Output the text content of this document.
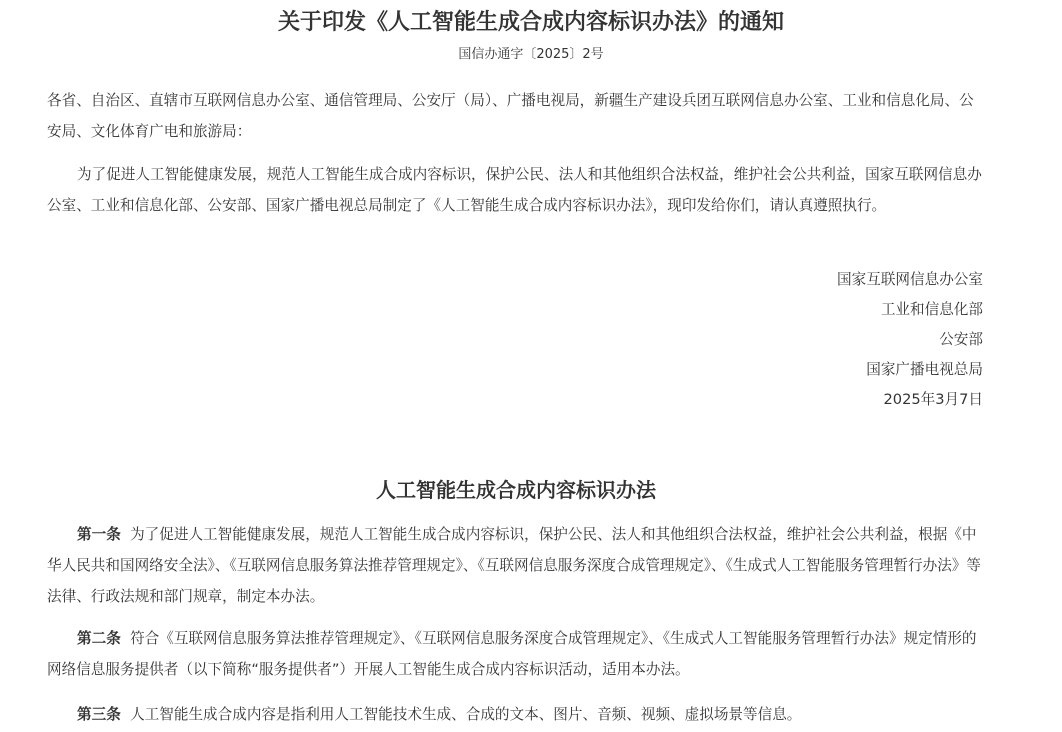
关于印发《人工智能生成合成内容标识办法》的通知
国信办通字〔2025〕2号

各省、自治区、直辖市互联网信息办公室、通信管理局、公安厅（局）、广播电视局，新疆生产建设兵团互联网信息办公室、工业和信息化局、公安局、文化体育广电和旅游局：

为了促进人工智能健康发展，规范人工智能生成合成内容标识，保护公民、法人和其他组织合法权益，维护社会公共利益，国家互联网信息办公室、工业和信息化部、公安部、国家广播电视总局制定了《人工智能生成合成内容标识办法》，现印发给你们，请认真遵照执行。

国家互联网信息办公室
工业和信息化部
公安部
国家广播电视总局
2025年3月7日
人工智能生成合成内容标识办法

第一条 为了促进人工智能健康发展，规范人工智能生成合成内容标识，保护公民、法人和其他组织合法权益，维护社会公共利益，根据《中华人民共和国网络安全法》、《互联网信息服务算法推荐管理规定》、《互联网信息服务深度合成管理规定》、《生成式人工智能服务管理暂行办法》等法律、行政法规和部门规章，制定本办法。

第二条 符合《互联网信息服务算法推荐管理规定》、《互联网信息服务深度合成管理规定》、《生成式人工智能服务管理暂行办法》规定情形的网络信息服务提供者（以下简称“服务提供者”）开展人工智能生成合成内容标识活动，适用本办法。

第三条 人工智能生成合成内容是指利用人工智能技术生成、合成的文本、图片、音频、视频、虚拟场景等信息。
